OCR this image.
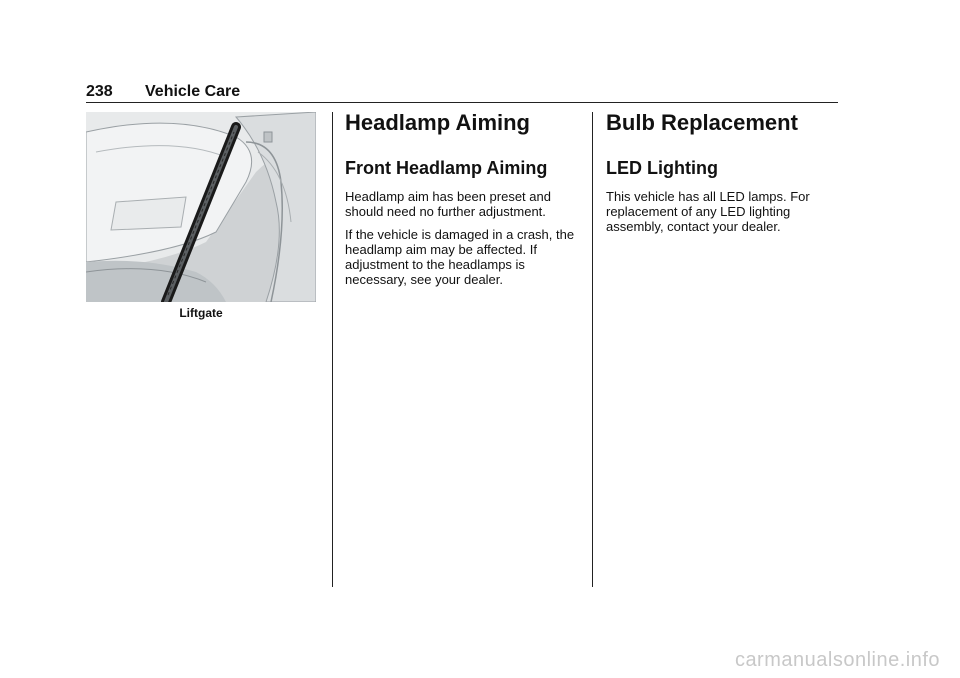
238 Vehicle Care
Liftgate
Headlamp Aiming
Front Headlamp Aiming

Headlamp aim has been preset and should need no further adjustment.

If the vehicle is damaged in a crash, the headlamp aim may be affected. If adjustment to the headlamps is necessary, see your dealer.

Bulb Replacement
LED Lighting

This vehicle has all LED lamps. For replacement of any LED lighting assembly, contact your dealer.

carmanualsonline.info
